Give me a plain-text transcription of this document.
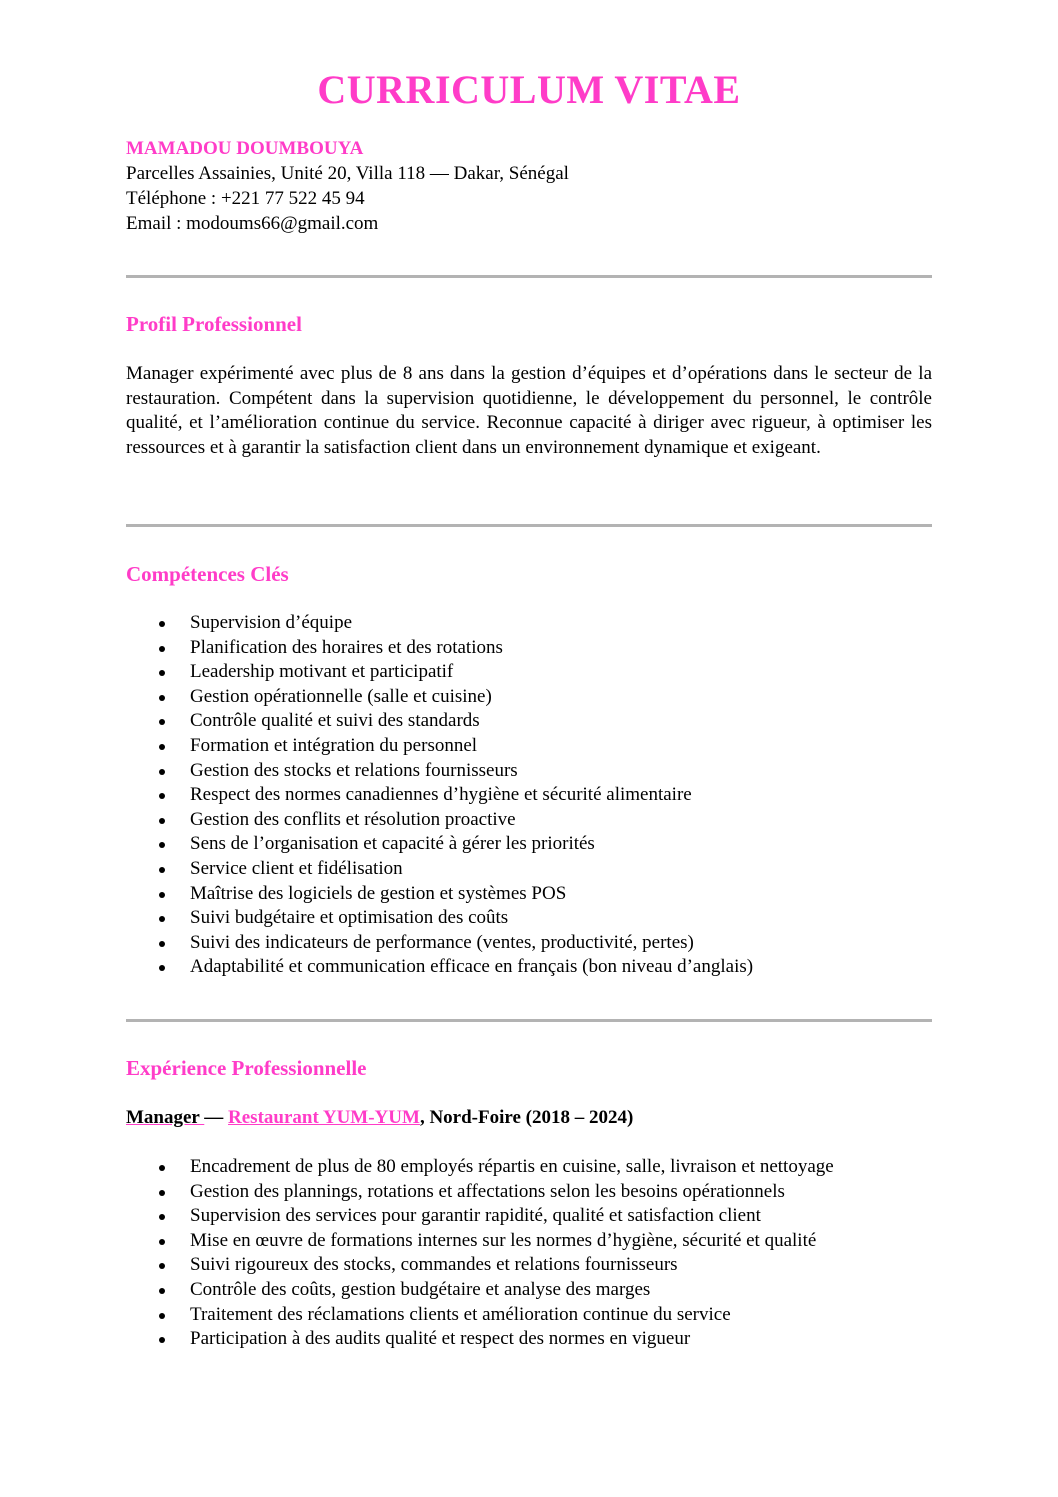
CURRICULUM VITAE
MAMADOU DOUMBOUYA
Parcelles Assainies, Unité 20, Villa 118 — Dakar, Sénégal
Téléphone : +221 77 522 45 94
Email : modoums66@gmail.com
Profil Professionnel

Manager expérimenté avec plus de 8 ans dans la gestion d’équipes et d’opérations dans le secteur de la restauration. Compétent dans la supervision quotidienne, le développement du personnel, le contrôle qualité, et l’amélioration continue du service. Reconnue capacité à diriger avec rigueur, à optimiser les ressources et à garantir la satisfaction client dans un environnement dynamique et exigeant.

Compétences Clés
Supervision d’équipe
Planification des horaires et des rotations
Leadership motivant et participatif
Gestion opérationnelle (salle et cuisine)
Contrôle qualité et suivi des standards
Formation et intégration du personnel
Gestion des stocks et relations fournisseurs
Respect des normes canadiennes d’hygiène et sécurité alimentaire
Gestion des conflits et résolution proactive
Sens de l’organisation et capacité à gérer les priorités
Service client et fidélisation
Maîtrise des logiciels de gestion et systèmes POS
Suivi budgétaire et optimisation des coûts
Suivi des indicateurs de performance (ventes, productivité, pertes)
Adaptabilité et communication efficace en français (bon niveau d’anglais)
Expérience Professionnelle
Manager — Restaurant YUM-YUM, Nord-Foire (2018 – 2024)
Encadrement de plus de 80 employés répartis en cuisine, salle, livraison et nettoyage
Gestion des plannings, rotations et affectations selon les besoins opérationnels
Supervision des services pour garantir rapidité, qualité et satisfaction client
Mise en œuvre de formations internes sur les normes d’hygiène, sécurité et qualité
Suivi rigoureux des stocks, commandes et relations fournisseurs
Contrôle des coûts, gestion budgétaire et analyse des marges
Traitement des réclamations clients et amélioration continue du service
Participation à des audits qualité et respect des normes en vigueur
